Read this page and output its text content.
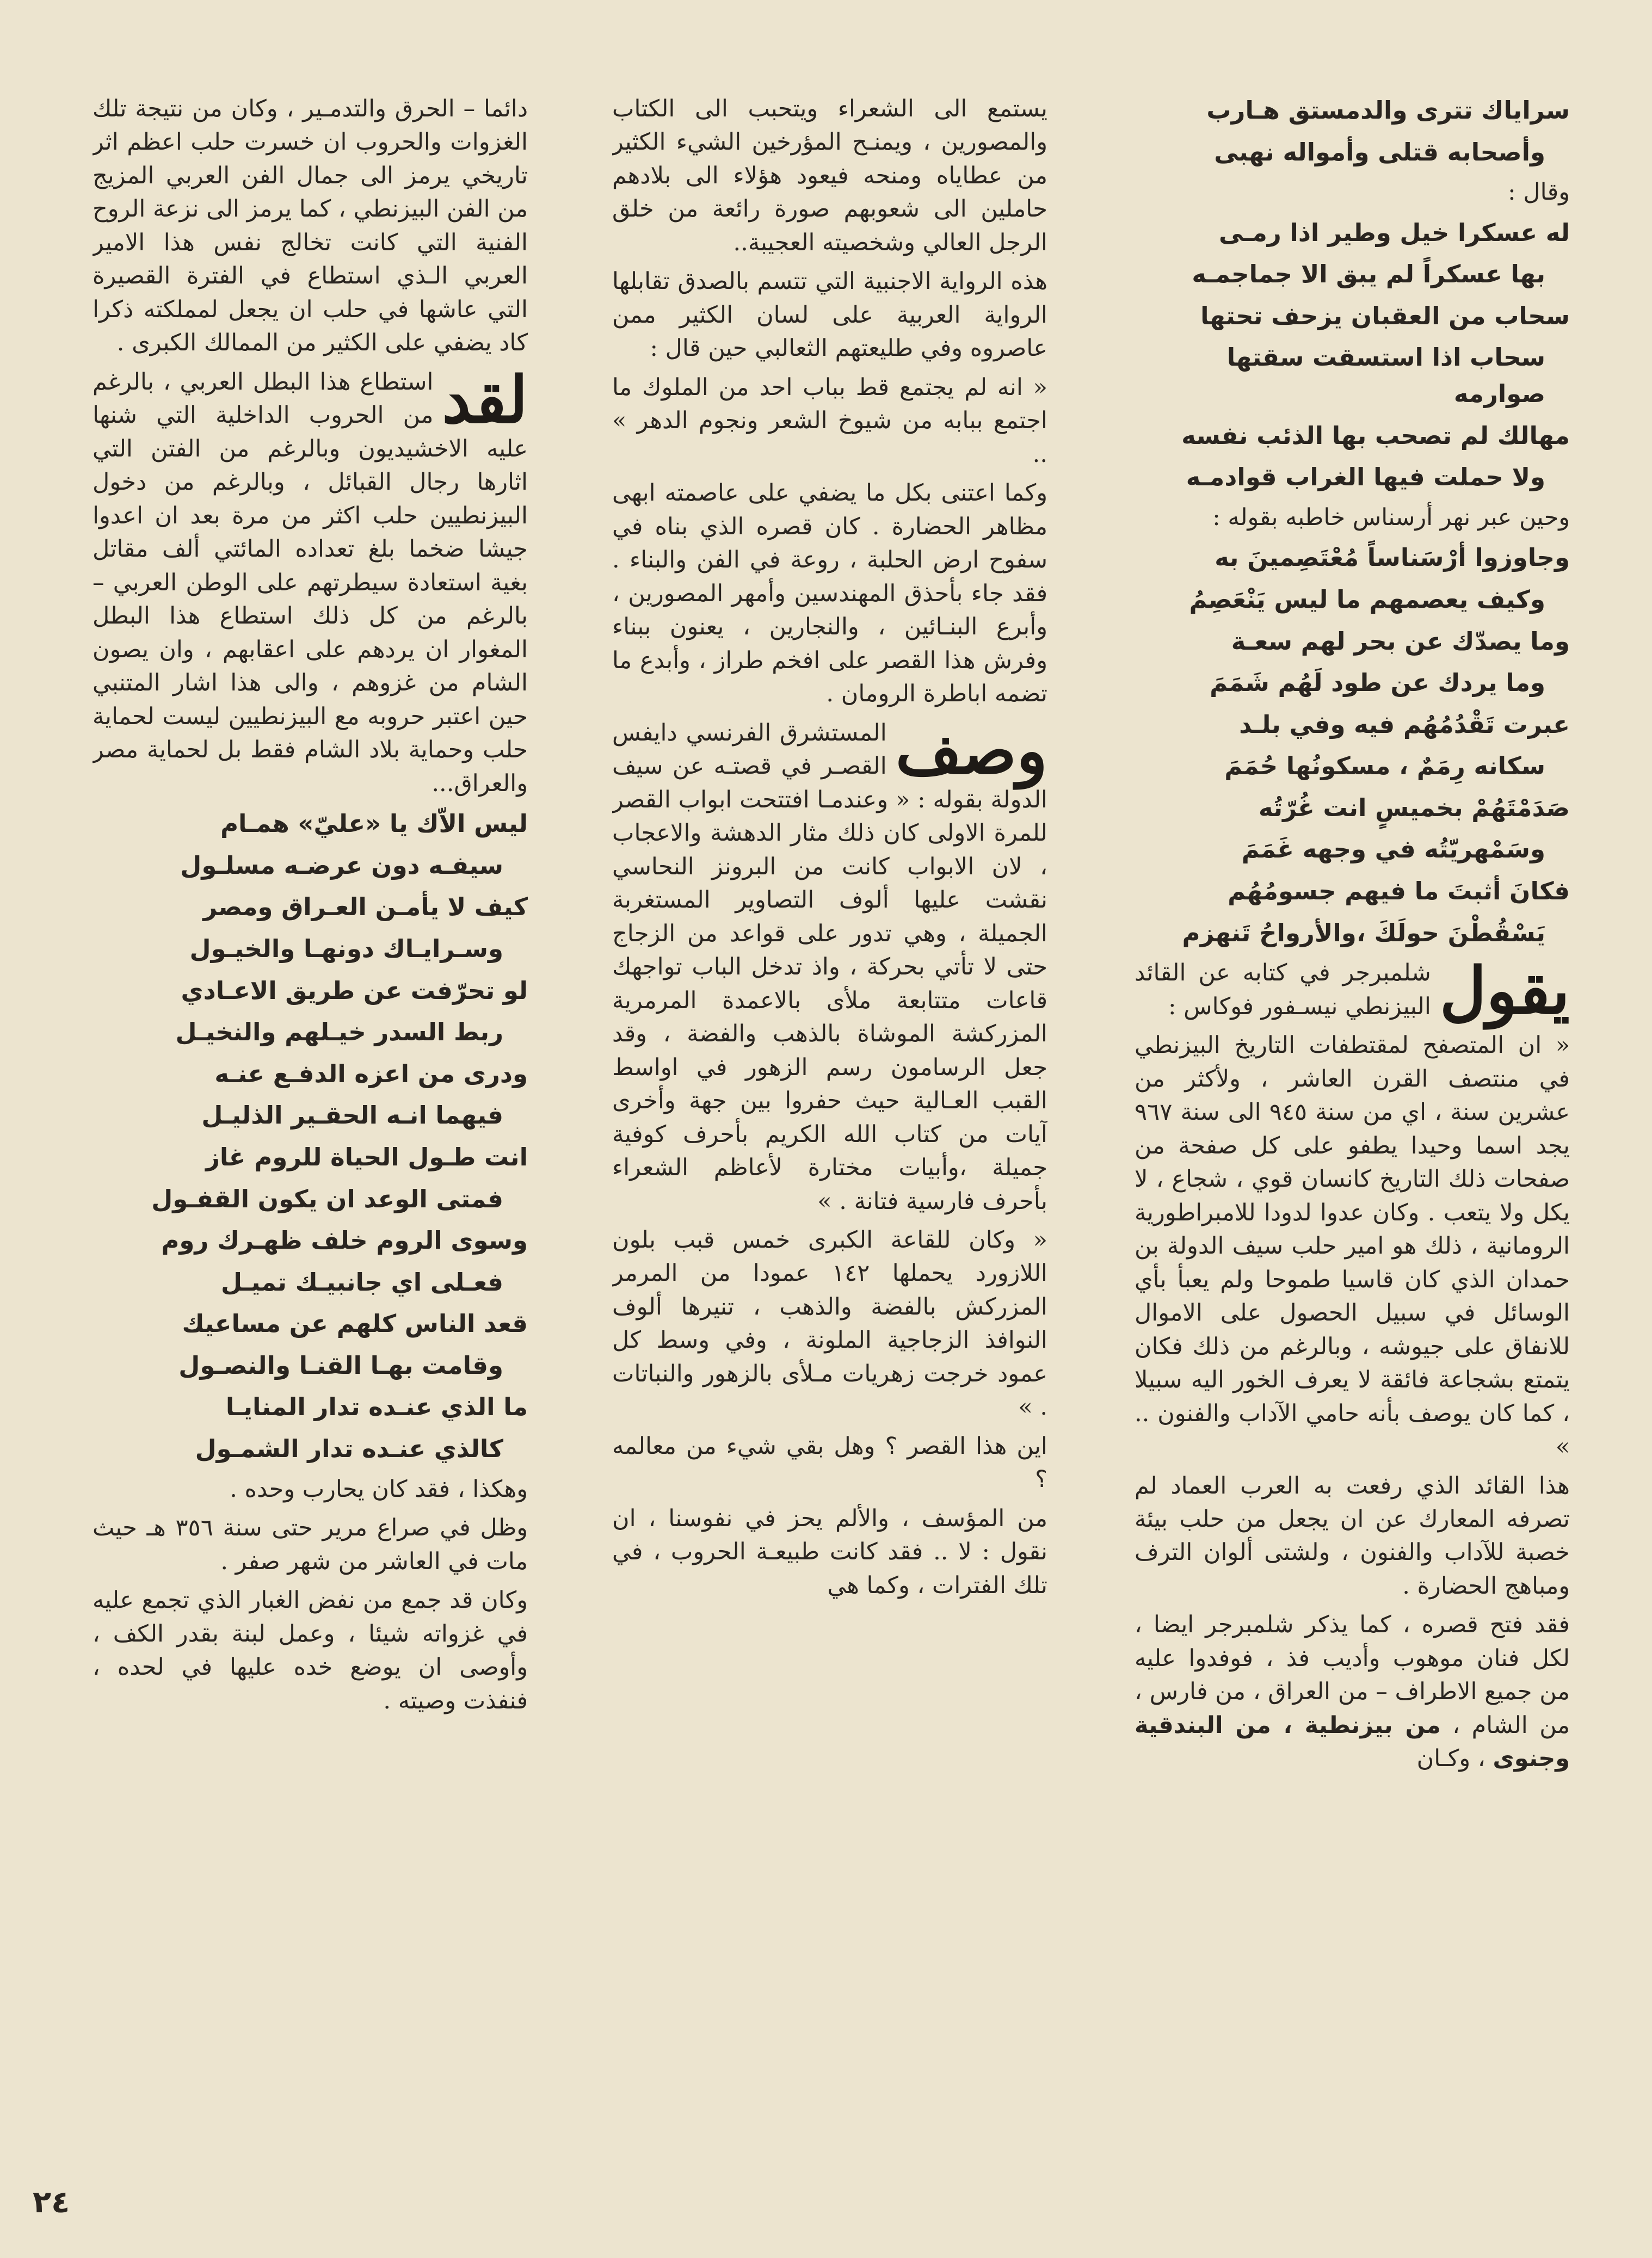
سراياك تترى والدمستق هـارب

وأصحابه قتلى وأمواله نهبى

وقال :

له عسكرا خيل وطير اذا رمـى

بها عسكراً لم يبق الا جماجمـه

سحاب من العقبان يزحف تحتها

سحاب اذا استسقت سقتها صوارمه

مهالك لم تصحب بها الذئب نفسه

ولا حملت فيها الغراب قوادمـه

وحين عبر نهر أرسناس خاطبه بقوله :

وجاوزوا أرْسَناساً مُعْتَصِمينَ به

وكيف يعصمهم ما ليس يَنْعَصِمُ

وما يصدّك عن بحر لهم سعـة

وما يردك عن طود لَهُم شَمَمَ

عبرت تَقْدُمُهُم فيه وفي بلـد

سكانه رِمَمٌ ، مسكونُها حُمَمَ

صَدَمْتَهُمْ بخميسٍ انت غُرّتُه

وسَمْهريّتُه في وجهه غَمَمَ

فكانَ أثبتَ ما فيهم جسومُهُم

يَسْقُطْنَ حولَكَ ،والأرواحُ تَنهزم

يقول
شلمبرجر في كتابه عن القائد البيزنطي نيسـفور فوكاس :

« ان المتصفح لمقتطفات التاريخ البيزنطي في منتصف القرن العاشر ، ولأكثر من عشرين سنة ، اي من سنة ٩٤٥ الى سنة ٩٦٧ يجد اسما وحيدا يطفو على كل صفحة من صفحات ذلك التاريخ كانسان قوي ، شجاع ، لا يكل ولا يتعب . وكان عدوا لدودا للامبراطورية الرومانية ، ذلك هو امير حلب سيف الدولة بن حمدان الذي كان قاسيا طموحا ولم يعبأ بأي الوسائل في سبيل الحصول على الاموال للانفاق على جيوشه ، وبالرغم من ذلك فكان يتمتع بشجاعة فائقة لا يعرف الخور اليه سبيلا ، كما كان يوصف بأنه حامي الآداب والفنون .. »

هذا القائد الذي رفعت به العرب العماد لم تصرفه المعارك عن ان يجعل من حلب بيئة خصبة للآداب والفنون ، ولشتى ألوان الترف ومباهج الحضارة .

فقد فتح قصره ، كما يذكر شلمبرجر ايضا ، لكل فنان موهوب وأديب فذ ، فوفدوا عليه من جميع الاطراف – من العراق ، من فارس ، من الشام ، من بيزنطية ، من البندقية وجنوى ، وكـان

يستمع الى الشعراء ويتحبب الى الكتاب والمصورين ، ويمنـح المؤرخين الشيء الكثير من عطاياه ومنحه فيعود هؤلاء الى بلادهم حاملين الى شعوبهم صورة رائعة من خلق الرجل العالي وشخصيته العجيبة..

هذه الرواية الاجنبية التي تتسم بالصدق تقابلها الرواية العربية على لسان الكثير ممن عاصروه وفي طليعتهم الثعالبي حين قال :

« انه لم يجتمع قط بباب احد من الملوك ما اجتمع ببابه من شيوخ الشعر ونجوم الدهر » ..

وكما اعتنى بكل ما يضفي على عاصمته ابهى مظاهر الحضارة . كان قصره الذي بناه في سفوح ارض الحلبة ، روعة في الفن والبناء . فقد جاء بأحذق المهندسين وأمهر المصورين ، وأبرع البنـائين ، والنجارين ، يعنون ببناء وفرش هذا القصر على افخم طراز ، وأبدع ما تضمه اباطرة الرومان .

وصف
المستشرق الفرنسي دايفس القصـر في قصتـه عن سيف الدولة بقوله : « وعندمـا افتتحت ابواب القصر للمرة الاولى كان ذلك مثار الدهشة والاعجاب ، لان الابواب كانت من البرونز النحاسي نقشت عليها ألوف التصاوير المستغربة الجميلة ، وهي تدور على قواعد من الزجاج حتى لا تأتي بحركة ، واذ تدخل الباب تواجهك قاعات متتابعة ملأى بالاعمدة المرمرية المزركشة الموشاة بالذهب والفضة ، وقد جعل الرسامون رسم الزهور في اواسط القبب العـالية حيث حفروا بين جهة وأخرى آيات من كتاب الله الكريم بأحرف كوفية جميلة ،وأبيات مختارة لأعاظم الشعراء بأحرف فارسية فتانة . »

« وكان للقاعة الكبرى خمس قبب بلون اللازورد يحملها ١٤٢ عمودا من المرمر المزركش بالفضة والذهب ، تنيرها ألوف النوافذ الزجاجية الملونة ، وفي وسط كل عمود خرجت زهريات مـلأى بالزهور والنباتات . »

اين هذا القصر ؟ وهل بقي شيء من معالمه ؟

من المؤسف ، والألم يحز في نفوسنا ، ان نقول : لا .. فقد كانت طبيعـة الحروب ، في تلك الفترات ، وكما هي

دائما – الحرق والتدمـير ، وكان من نتيجة تلك الغزوات والحروب ان خسرت حلب اعظم اثر تاريخي يرمز الى جمال الفن العربي المزيج من الفن البيزنطي ، كما يرمز الى نزعة الروح الفنية التي كانت تخالج نفس هذا الامير العربي الـذي استطاع في الفترة القصيرة التي عاشها في حلب ان يجعل لمملكته ذكرا كاد يضفي على الكثير من الممالك الكبرى .

لقد
استطاع هذا البطل العربي ، بالرغم من الحروب الداخلية التي شنها عليه الاخشيديون وبالرغم من الفتن التي اثارها رجال القبائل ، وبالرغم من دخول البيزنطيين حلب اكثر من مرة بعد ان اعدوا جيشا ضخما بلغ تعداده المائتي ألف مقاتل بغية استعادة سيطرتهم على الوطن العربي – بالرغم من كل ذلك استطاع هذا البطل المغوار ان يردهم على اعقابهم ، وان يصون الشام من غزوهم ، والى هذا اشار المتنبي حين اعتبر حروبه مع البيزنطيين ليست لحماية حلب وحماية بلاد الشام فقط بل لحماية مصر والعراق...

ليس الاّك يا «عليّ» همـام

سيفـه دون عرضـه مسلـول

كيف لا يأمـن العـراق ومصر

وسـرايـاك دونهـا والخيـول

لو تحرّفت عن طريق الاعـادي

ربط السدر خيـلهم والنخيـل

ودرى من اعزه الدفـع عنـه

فيهما انـه الحقـير الذليـل

انت طـول الحياة للروم غاز

فمتى الوعد ان يكون القفـول

وسوى الروم خلف ظهـرك روم

فعـلى اي جانبيـك تميـل

قعد الناس كلهم عن مساعيك

وقامت بهـا القنـا والنصـول

ما الذي عنـده تدار المنايـا

كالذي عنـده تدار الشمـول

وهكذا ، فقد كان يحارب وحده .

وظل في صراع مرير حتى سنة ٣٥٦ هـ حيث مات في العاشر من شهر صفر .

وكان قد جمع من نفض الغبار الذي تجمع عليه في غزواته شيئا ، وعمل لبنة بقدر الكف ، وأوصى ان يوضع خده عليها في لحده ، فنفذت وصيته .

٢٤
